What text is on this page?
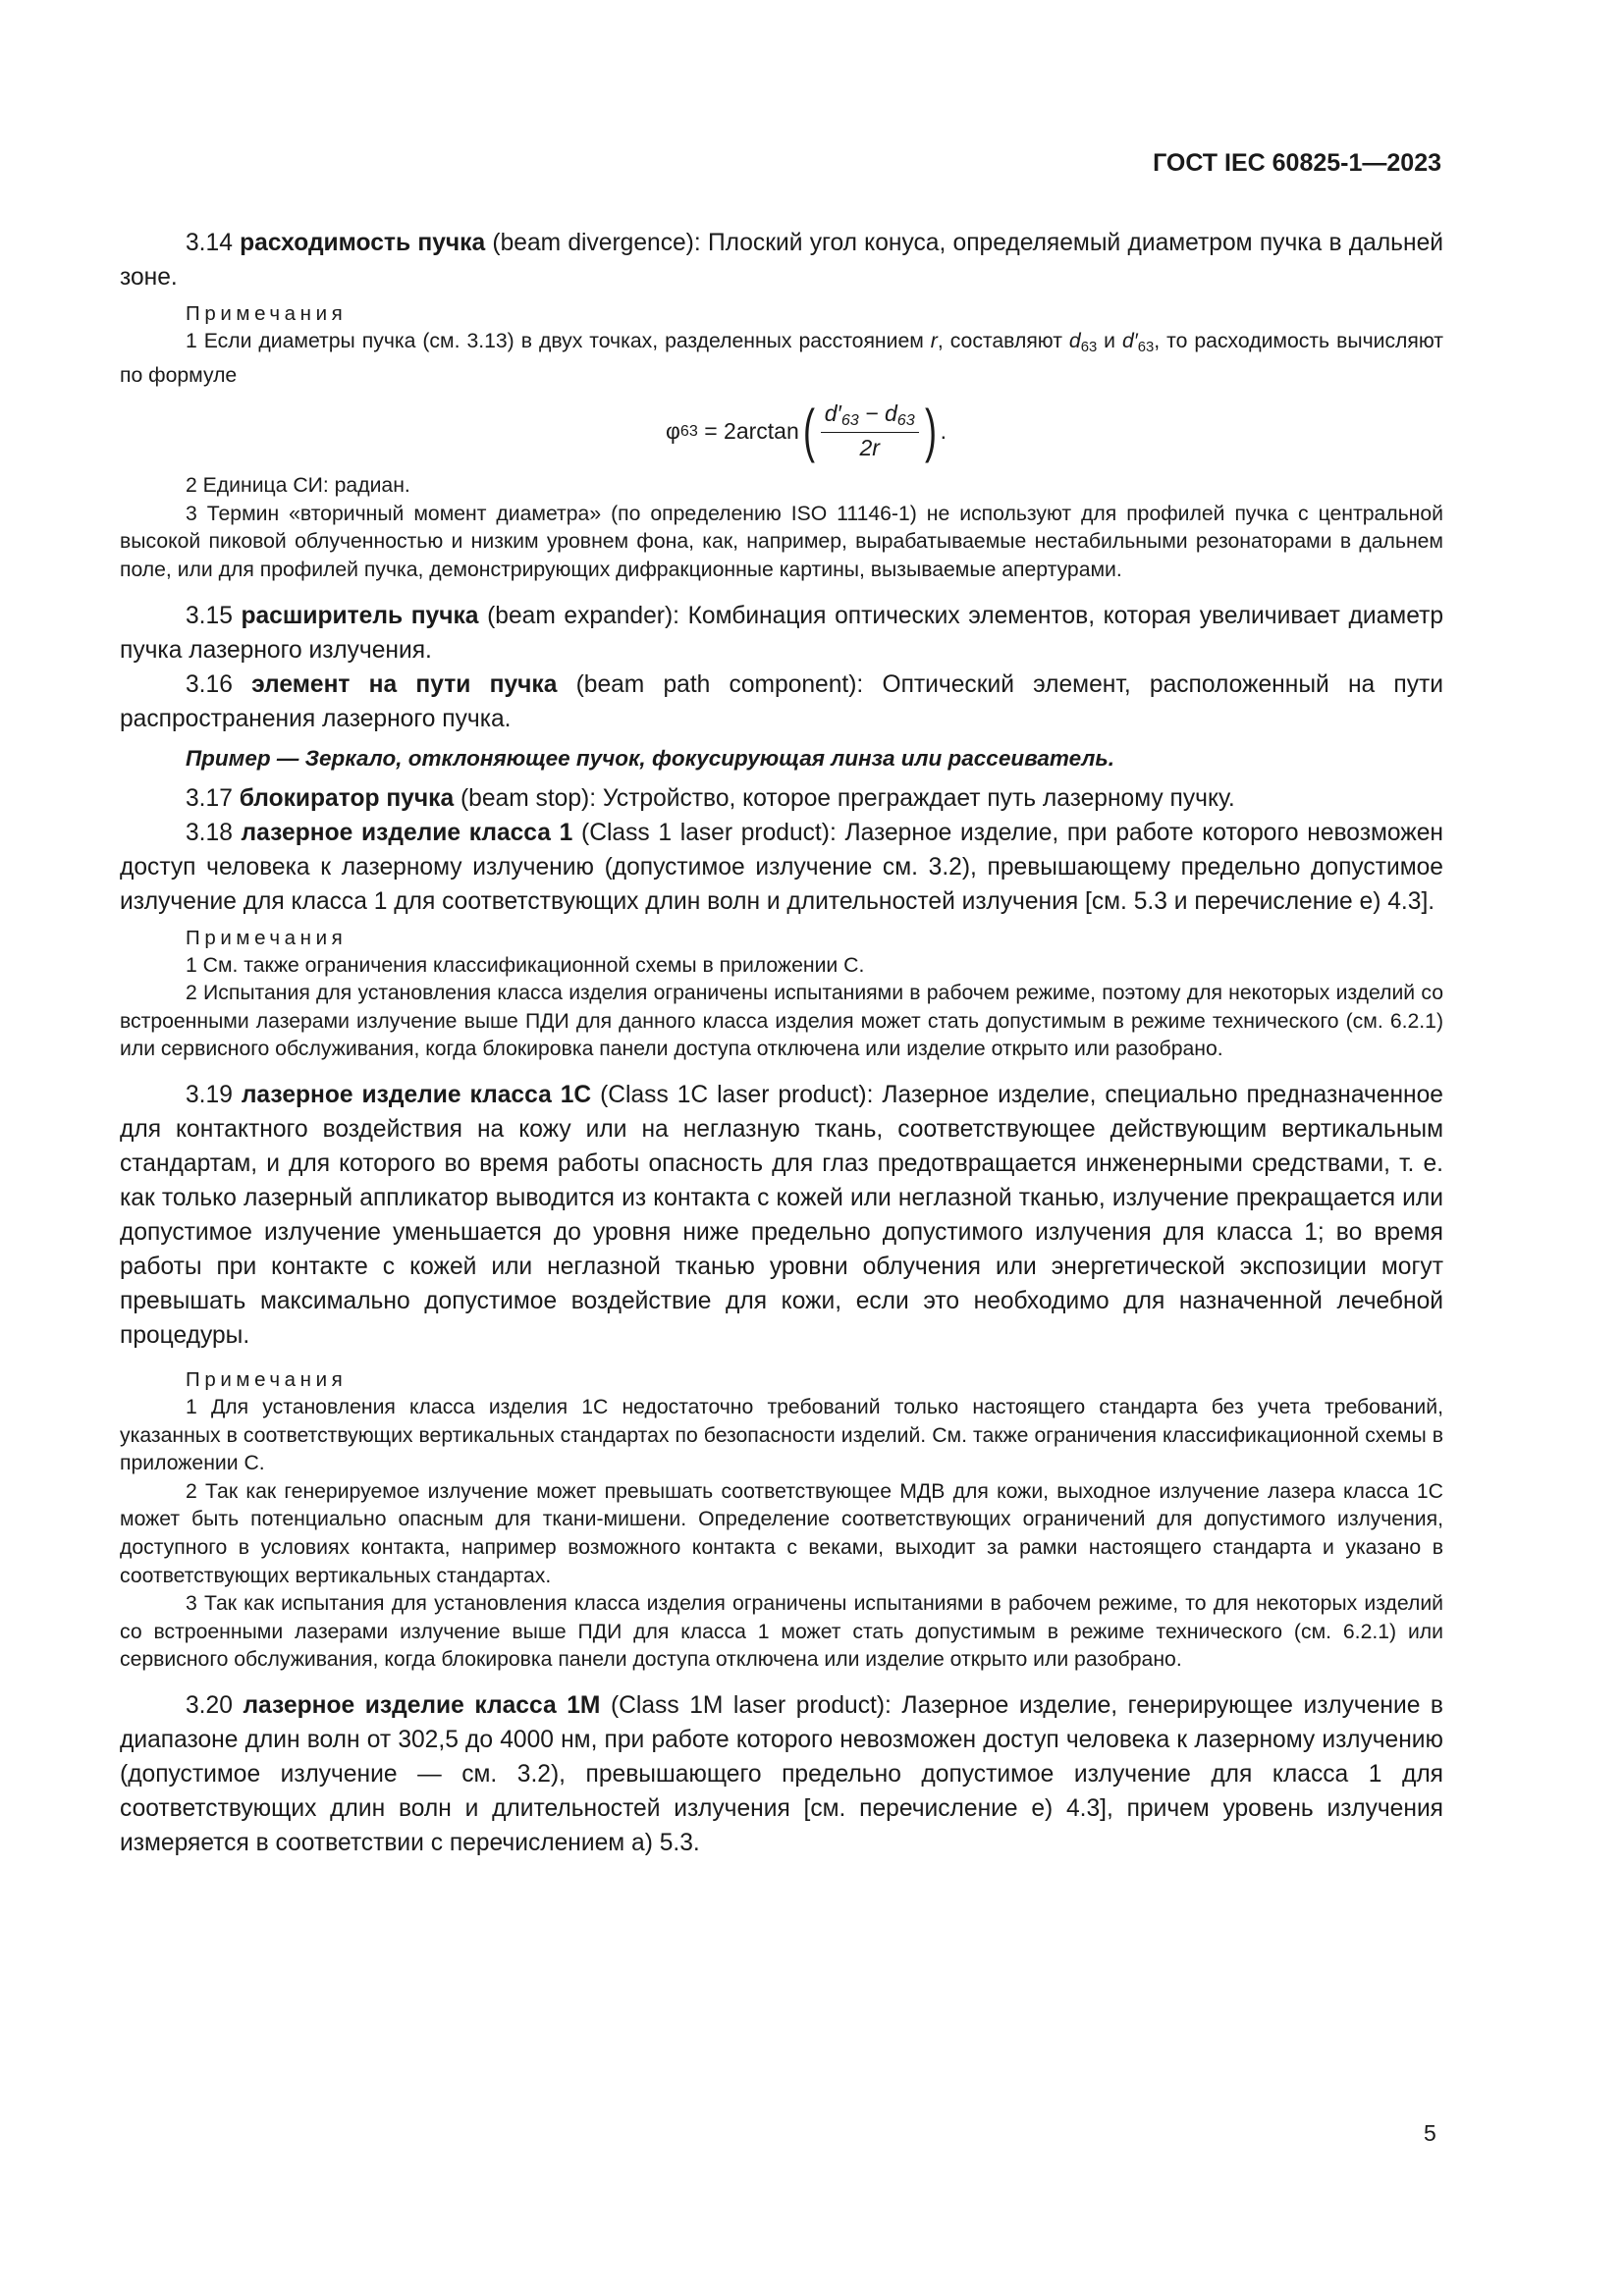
ГОСТ IEC 60825-1—2023

3.14 расходимость пучка (beam divergence): Плоский угол конуса, определяемый диаметром пучка в дальней зоне.

Примечания

1 Если диаметры пучка (см. 3.13) в двух точках, разделенных расстоянием r, составляют $d_{63}$ и $d'_{63}$, то расходимость вычисляют по формуле

φ 63 = 2arctan ( $\frac{d'_{63} - d_{63}}{2r}$ ) .

2 Единица СИ: радиан.

3 Термин «вторичный момент диаметра» (по определению ISO 11146-1) не используют для профилей пучка с центральной высокой пиковой облученностью и низким уровнем фона, как, например, вырабатываемые нестабильными резонаторами в дальнем поле, или для профилей пучка, демонстрирующих дифракционные картины, вызываемые апертурами.

3.15 расширитель пучка (beam expander): Комбинация оптических элементов, которая увеличивает диаметр пучка лазерного излучения.

3.16 элемент на пути пучка (beam path component): Оптический элемент, расположенный на пути распространения лазерного пучка.

Пример — Зеркало, отклоняющее пучок, фокусирующая линза или рассеиватель.

3.17 блокиратор пучка (beam stop): Устройство, которое преграждает путь лазерному пучку.

3.18 лазерное изделие класса 1 (Class 1 laser product): Лазерное изделие, при работе которого невозможен доступ человека к лазерному излучению (допустимое излучение см. 3.2), превышающему предельно допустимое излучение для класса 1 для соответствующих длин волн и длительностей излучения [см. 5.3 и перечисление е) 4.3].

Примечания

1 См. также ограничения классификационной схемы в приложении С.

2 Испытания для установления класса изделия ограничены испытаниями в рабочем режиме, поэтому для некоторых изделий со встроенными лазерами излучение выше ПДИ для данного класса изделия может стать допустимым в режиме технического (см. 6.2.1) или сервисного обслуживания, когда блокировка панели доступа отключена или изделие открыто или разобрано.

3.19 лазерное изделие класса 1С (Class 1C laser product): Лазерное изделие, специально предназначенное для контактного воздействия на кожу или на неглазную ткань, соответствующее действующим вертикальным стандартам, и для которого во время работы опасность для глаз предотвращается инженерными средствами, т. е. как только лазерный аппликатор выводится из контакта с кожей или неглазной тканью, излучение прекращается или допустимое излучение уменьшается до уровня ниже предельно допустимого излучения для класса 1; во время работы при контакте с кожей или неглазной тканью уровни облучения или энергетической экспозиции могут превышать максимально допустимое воздействие для кожи, если это необходимо для назначенной лечебной процедуры.

Примечания

1 Для установления класса изделия 1С недостаточно требований только настоящего стандарта без учета требований, указанных в соответствующих вертикальных стандартах по безопасности изделий. См. также ограничения классификационной схемы в приложении С.

2 Так как генерируемое излучение может превышать соответствующее МДВ для кожи, выходное излучение лазера класса 1С может быть потенциально опасным для ткани-мишени. Определение соответствующих ограничений для допустимого излучения, доступного в условиях контакта, например возможного контакта с веками, выходит за рамки настоящего стандарта и указано в соответствующих вертикальных стандартах.

3 Так как испытания для установления класса изделия ограничены испытаниями в рабочем режиме, то для некоторых изделий со встроенными лазерами излучение выше ПДИ для класса 1 может стать допустимым в режиме технического (см. 6.2.1) или сервисного обслуживания, когда блокировка панели доступа отключена или изделие открыто или разобрано.

3.20 лазерное изделие класса 1М (Class 1M laser product): Лазерное изделие, генерирующее излучение в диапазоне длин волн от 302,5 до 4000 нм, при работе которого невозможен доступ человека к лазерному излучению (допустимое излучение — см. 3.2), превышающего предельно допустимое излучение для класса 1 для соответствующих длин волн и длительностей излучения [см. перечисление е) 4.3], причем уровень излучения измеряется в соответствии с перечислением а) 5.3.

5
